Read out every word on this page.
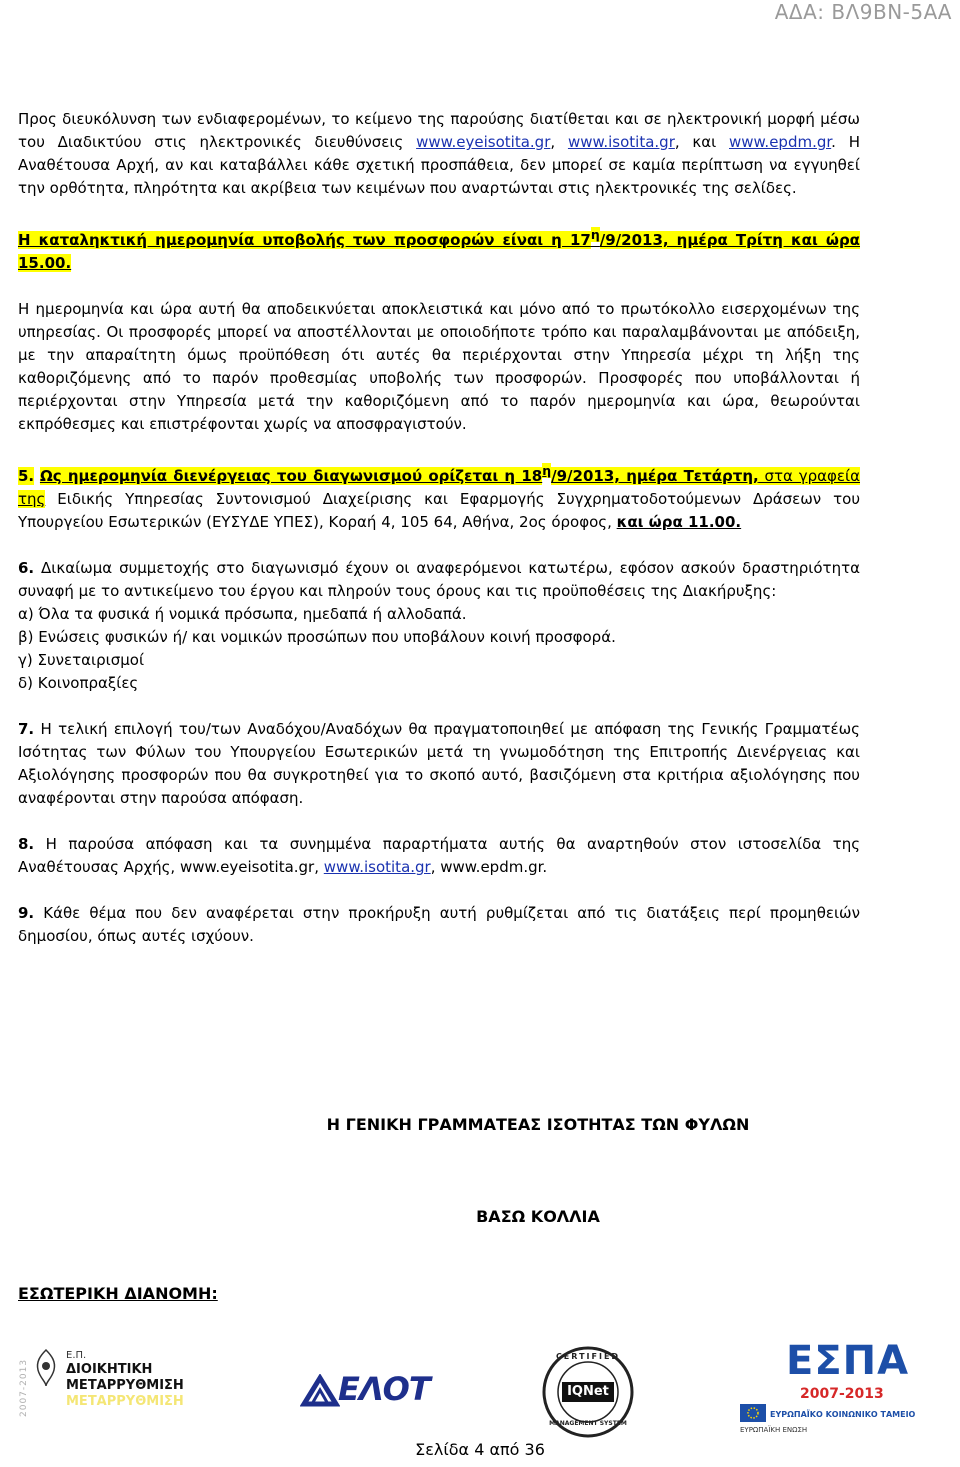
ΑΔΑ: ΒΛ9ΒΝ-5ΑΑ

Προς διευκόλυνση των ενδιαφερομένων, το κείμενο της παρούσης διατίθεται και σε ηλεκτρονική μορφή μέσω του Διαδικτύου στις ηλεκτρονικές διευθύνσεις www.eyeisotita.gr, www.isotita.gr, και www.epdm.gr. Η Αναθέτουσα Αρχή, αν και καταβάλλει κάθε σχετική προσπάθεια, δεν μπορεί σε καμία περίπτωση να εγγυηθεί την ορθότητα, πληρότητα και ακρίβεια των κειμένων που αναρτώνται στις ηλεκτρονικές της σελίδες.

Η καταληκτική ημερομηνία υποβολής των προσφορών είναι η $17^\eta/9/2013$, ημέρα Τρίτη και ώρα 15.00.

Η ημερομηνία και ώρα αυτή θα αποδεικνύεται αποκλειστικά και μόνο από το πρωτόκολλο εισερχομένων της υπηρεσίας. Οι προσφορές μπορεί να αποστέλλονται με οποιοδήποτε τρόπο και παραλαμβάνονται με απόδειξη, με την απαραίτητη όμως προϋπόθεση ότι αυτές θα περιέρχονται στην Υπηρεσία μέχρι τη λήξη της καθοριζόμενης από το παρόν προθεσμίας υποβολής των προσφορών. Προσφορές που υποβάλλονται ή περιέρχονται στην Υπηρεσία μετά την καθοριζόμενη από το παρόν ημερομηνία και ώρα, θεωρούνται εκπρόθεσμες και επιστρέφονται χωρίς να αποσφραγιστούν.

5. Ως ημερομηνία διενέργειας του διαγωνισμού ορίζεται η $18^\eta/9/2013$, ημέρα Τετάρτη, στα γραφεία της Ειδικής Υπηρεσίας Συντονισμού Διαχείρισης και Εφαρμογής Συγχρηματοδοτούμενων Δράσεων του Υπουργείου Εσωτερικών (ΕΥΣΥΔΕ ΥΠΕΣ), Κοραή 4, 105 64, Αθήνα, 2ος όροφος, και ώρα 11.00.

6. Δικαίωμα συμμετοχής στο διαγωνισμό έχουν οι αναφερόμενοι κατωτέρω, εφόσον ασκούν δραστηριότητα συναφή με το αντικείμενο του έργου και πληρούν τους όρους και τις προϋποθέσεις της Διακήρυξης:

α) Όλα τα φυσικά ή νομικά πρόσωπα, ημεδαπά ή αλλοδαπά.

β) Ενώσεις φυσικών ή/ και νομικών προσώπων που υποβάλουν κοινή προσφορά.

γ) Συνεταιρισμοί

δ) Κοινοπραξίες

7. Η τελική επιλογή του/των Αναδόχου/Αναδόχων θα πραγματοποιηθεί με απόφαση της Γενικής Γραμματέως Ισότητας των Φύλων του Υπουργείου Εσωτερικών μετά τη γνωμοδότηση της Επιτροπής Διενέργειας και Αξιολόγησης προσφορών που θα συγκροτηθεί για το σκοπό αυτό, βασιζόμενη στα κριτήρια αξιολόγησης που αναφέρονται στην παρούσα απόφαση.

8. Η παρούσα απόφαση και τα συνημμένα παραρτήματα αυτής θα αναρτηθούν στον ιστοσελίδα της Αναθέτουσας Αρχής, www.eyeisotita.gr, www.isotita.gr, www.epdm.gr.

9. Κάθε θέμα που δεν αναφέρεται στην προκήρυξη αυτή ρυθμίζεται από τις διατάξεις περί προμηθειών δημοσίου, όπως αυτές ισχύουν.

Η ΓΕΝΙΚΗ ΓΡΑΜΜΑΤΕΑΣ ΙΣΟΤΗΤΑΣ ΤΩΝ ΦΥΛΩΝ
ΒΑΣΩ ΚΟΛΛΙΑ
ΕΣΩΤΕΡΙΚΗ ΔΙΑΝΟΜΗ:
2007-2013
Ε.Π.
ΔΙΟΙΚΗΤΙΚΗ
ΜΕΤΑΡΡΥΘΜΙΣΗ
ΜΕΤΑΡΡΥΘΜΙΣΗ	ΕΛΟΤ
CERTIFIED
IQNet
MANAGEMENT SYSTEM
ΕΣΠΑ
2007-2013
ΕΥΡΩΠΑΪΚΟ ΚΟΙΝΩΝΙΚΟ ΤΑΜΕΙΟ
ΕΥΡΩΠΑΪΚΗ ΕΝΩΣΗ
Σελίδα 4 από 36
